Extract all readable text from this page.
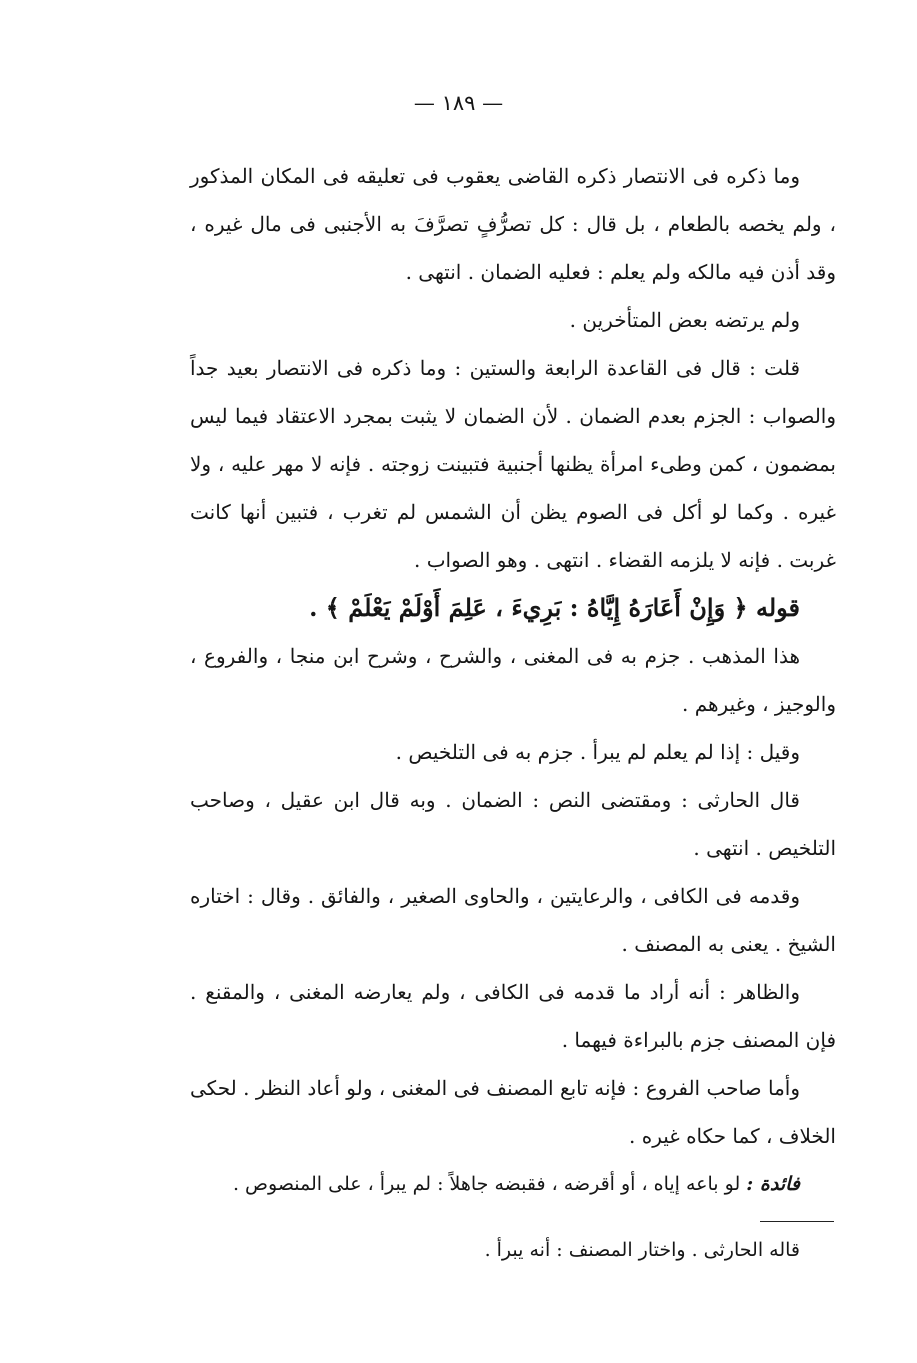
— ١٨٩ —

وما ذكره فى الانتصار ذكره القاضى يعقوب فى تعليقه فى المكان المذكور ، ولم يخصه بالطعام ، بل قال : كل تصرُّفٍ تصرَّفَ به الأجنبى فى مال غيره ، وقد أذن فيه مالكه ولم يعلم : فعليه الضمان . انتهى .

ولم يرتضه بعض المتأخرين .

قلت : قال فى القاعدة الرابعة والستين : وما ذكره فى الانتصار بعيد جداً والصواب : الجزم بعدم الضمان . لأن الضمان لا يثبت بمجرد الاعتقاد فيما ليس بمضمون ، كمن وطىء امرأة يظنها أجنبية فتبينت زوجته . فإنه لا مهر عليه ، ولا غيره . وكما لو أكل فى الصوم يظن أن الشمس لم تغرب ، فتبين أنها كانت غربت . فإنه لا يلزمه القضاء . انتهى . وهو الصواب .

قوله ﴿ وَإِنْ أَعَارَهُ إِيَّاهُ : بَرِيءَ ، عَلِمَ أَوْلَمْ يَعْلَمْ ﴾ .

هذا المذهب . جزم به فى المغنى ، والشرح ، وشرح ابن منجا ، والفروع ، والوجيز ، وغيرهم .

وقيل : إذا لم يعلم لم يبرأ . جزم به فى التلخيص .

قال الحارثى : ومقتضى النص : الضمان . وبه قال ابن عقيل ، وصاحب التلخيص . انتهى .

وقدمه فى الكافى ، والرعايتين ، والحاوى الصغير ، والفائق . وقال : اختاره الشيخ . يعنى به المصنف .

والظاهر : أنه أراد ما قدمه فى الكافى ، ولم يعارضه المغنى ، والمقنع . فإن المصنف جزم بالبراءة فيهما .

وأما صاحب الفروع : فإنه تابع المصنف فى المغنى ، ولو أعاد النظر . لحكى الخلاف ، كما حكاه غيره .

فائدة : لو باعه إياه ، أو أقرضه ، فقبضه جاهلاً : لم يبرأ ، على المنصوص .

قاله الحارثى . واختار المصنف : أنه يبرأ .
